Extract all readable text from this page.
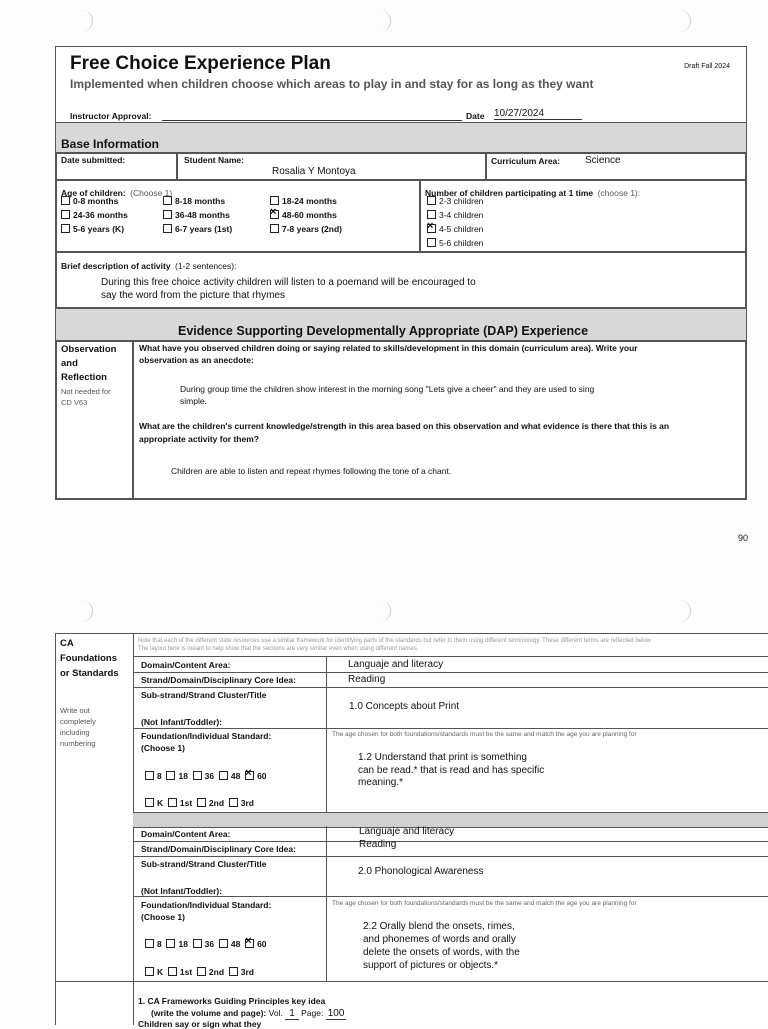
Free Choice Experience Plan	Draft Fall 2024
Implemented when children choose which areas to play in and stay for as long as they want
Instructor Approval:	Date 10/27/2024
Base Information
Date submitted:	Student Name:
Rosalia Y Montoya
Curriculum Area: Science
Age of children: (Choose 1)
0-8 months	8-18 months	18-24 months
24-36 months	36-48 months ×	48-60 months
5-6 years (K)	6-7 years (1st)	7-8 years (2nd)
Number of children participating at 1 time (choose 1):
2-3 children
3-4 children
×4-5 children
5-6 children
Brief description of activity (1-2 sentences):
During this free choice activity children will listen to a poemand will be encouraged to
say the word from the picture that rhymes
Evidence Supporting Developmentally Appropriate (DAP) Experience
Observation
and
Reflection
Not needed for
CD V63
What have you observed children doing or saying related to skills/development in this domain (curriculum area). Write your
observation as an anecdote:
During group time the children show interest in the morning song "Lets give a cheer" and they are used to sing
simple.
What are the children's current knowledge/strength in this area based on this observation and what evidence is there that this is an
appropriate activity for them?
Children are able to listen and repeat rhymes following the tone of a chant.
90
CA
Foundations
or Standards
Write out
completely
including
numbering
Note that each of the different state resources use a similar framework for identifying parts of the standards but refer to them using different terminology. These different terms are reflected below
The layout here is meant to help show that the sections are very similar even when using different names.
Domain/Content Area:	Languaje and literacy
Strand/Domain/Disciplinary Core Idea:	Reading
Sub-strand/Strand Cluster/Title
1.0 Concepts about Print
(Not Infant/Toddler):
Foundation/Individual Standard:
(Choose 1)
The age chosen for both foundations/standards must be the same and match the age you are planning for
1.2 Understand that print is something
can be read.* that is read and has specific
meaning.*
8 18 36 48 × 60
K 1st 2nd 3rd
Domain/Content Area:	Languaje and literacy
Strand/Domain/Disciplinary Core Idea:	Reading
Sub-strand/Strand Cluster/Title
2.0 Phonological Awareness
(Not Infant/Toddler):
Foundation/Individual Standard:
(Choose 1)
The age chosen for both foundations/standards must be the same and match the age you are planning for
2.2 Orally blend the onsets, rimes,
and phonemes of words and orally
delete the onsets of words, with the
support of pictures or objects.*
8 18 36 48 × 60
K 1st 2nd 3rd
1. CA Frameworks Guiding Principles key idea
(write the volume and page): Vol. 1 Page: 100
Children say or sign what they
